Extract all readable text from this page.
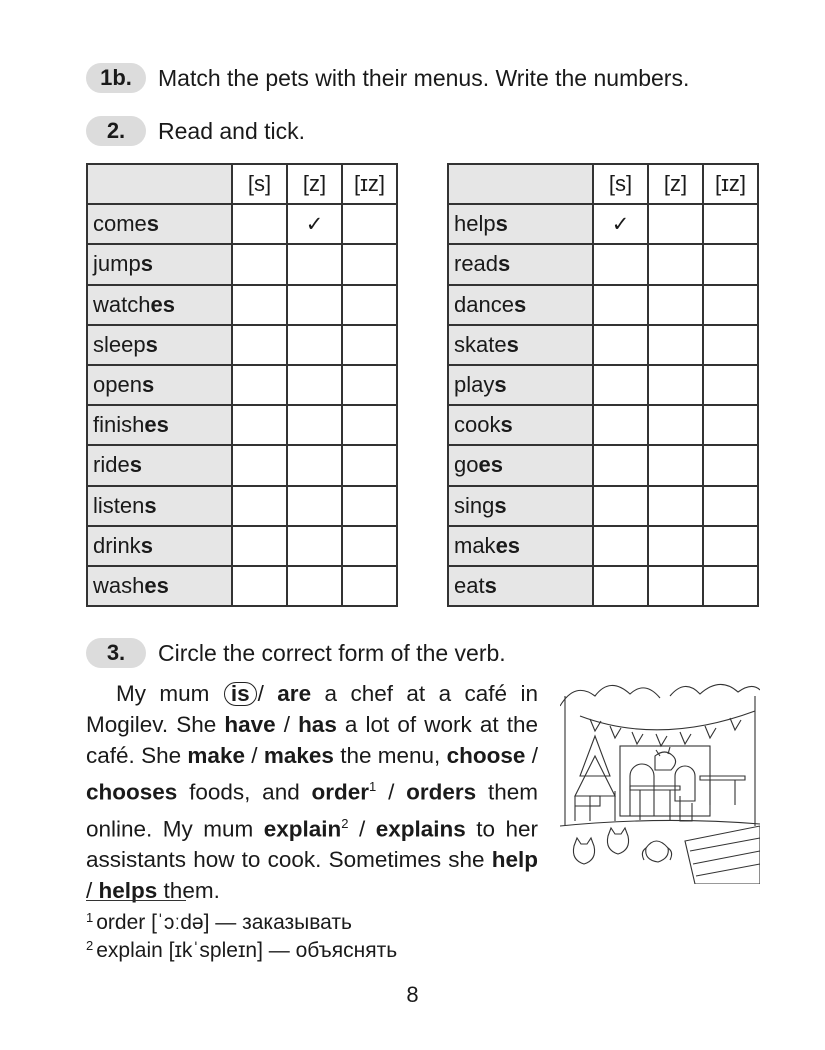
1b.	Match the pets with their menus. Write the numbers.
2.	Read and tick.
	[s]	[z]	[ɪz]
comes		✓	
jumps			
watches			
sleeps			
opens			
finishes			
rides			
listens			
drinks			
washes			
	[s]	[z]	[ɪz]
helps	✓		
reads			
dances			
skates			
plays			
cooks			
goes			
sings			
makes			
eats			
3.	Circle the correct form of the verb.
My mum is / are a chef at a café in Mogilev. She have / has a lot of work at the café. She make / makes the menu, choose / chooses foods, and order$^1$ / orders them online. My mum explain$^2$ / explains to her assistants how to cook. Sometimes she help / helps them.
$^1$ order [ˈɔːdə] — заказывать
$^2$ explain [ɪkˈspleɪn] — объяснять
8
